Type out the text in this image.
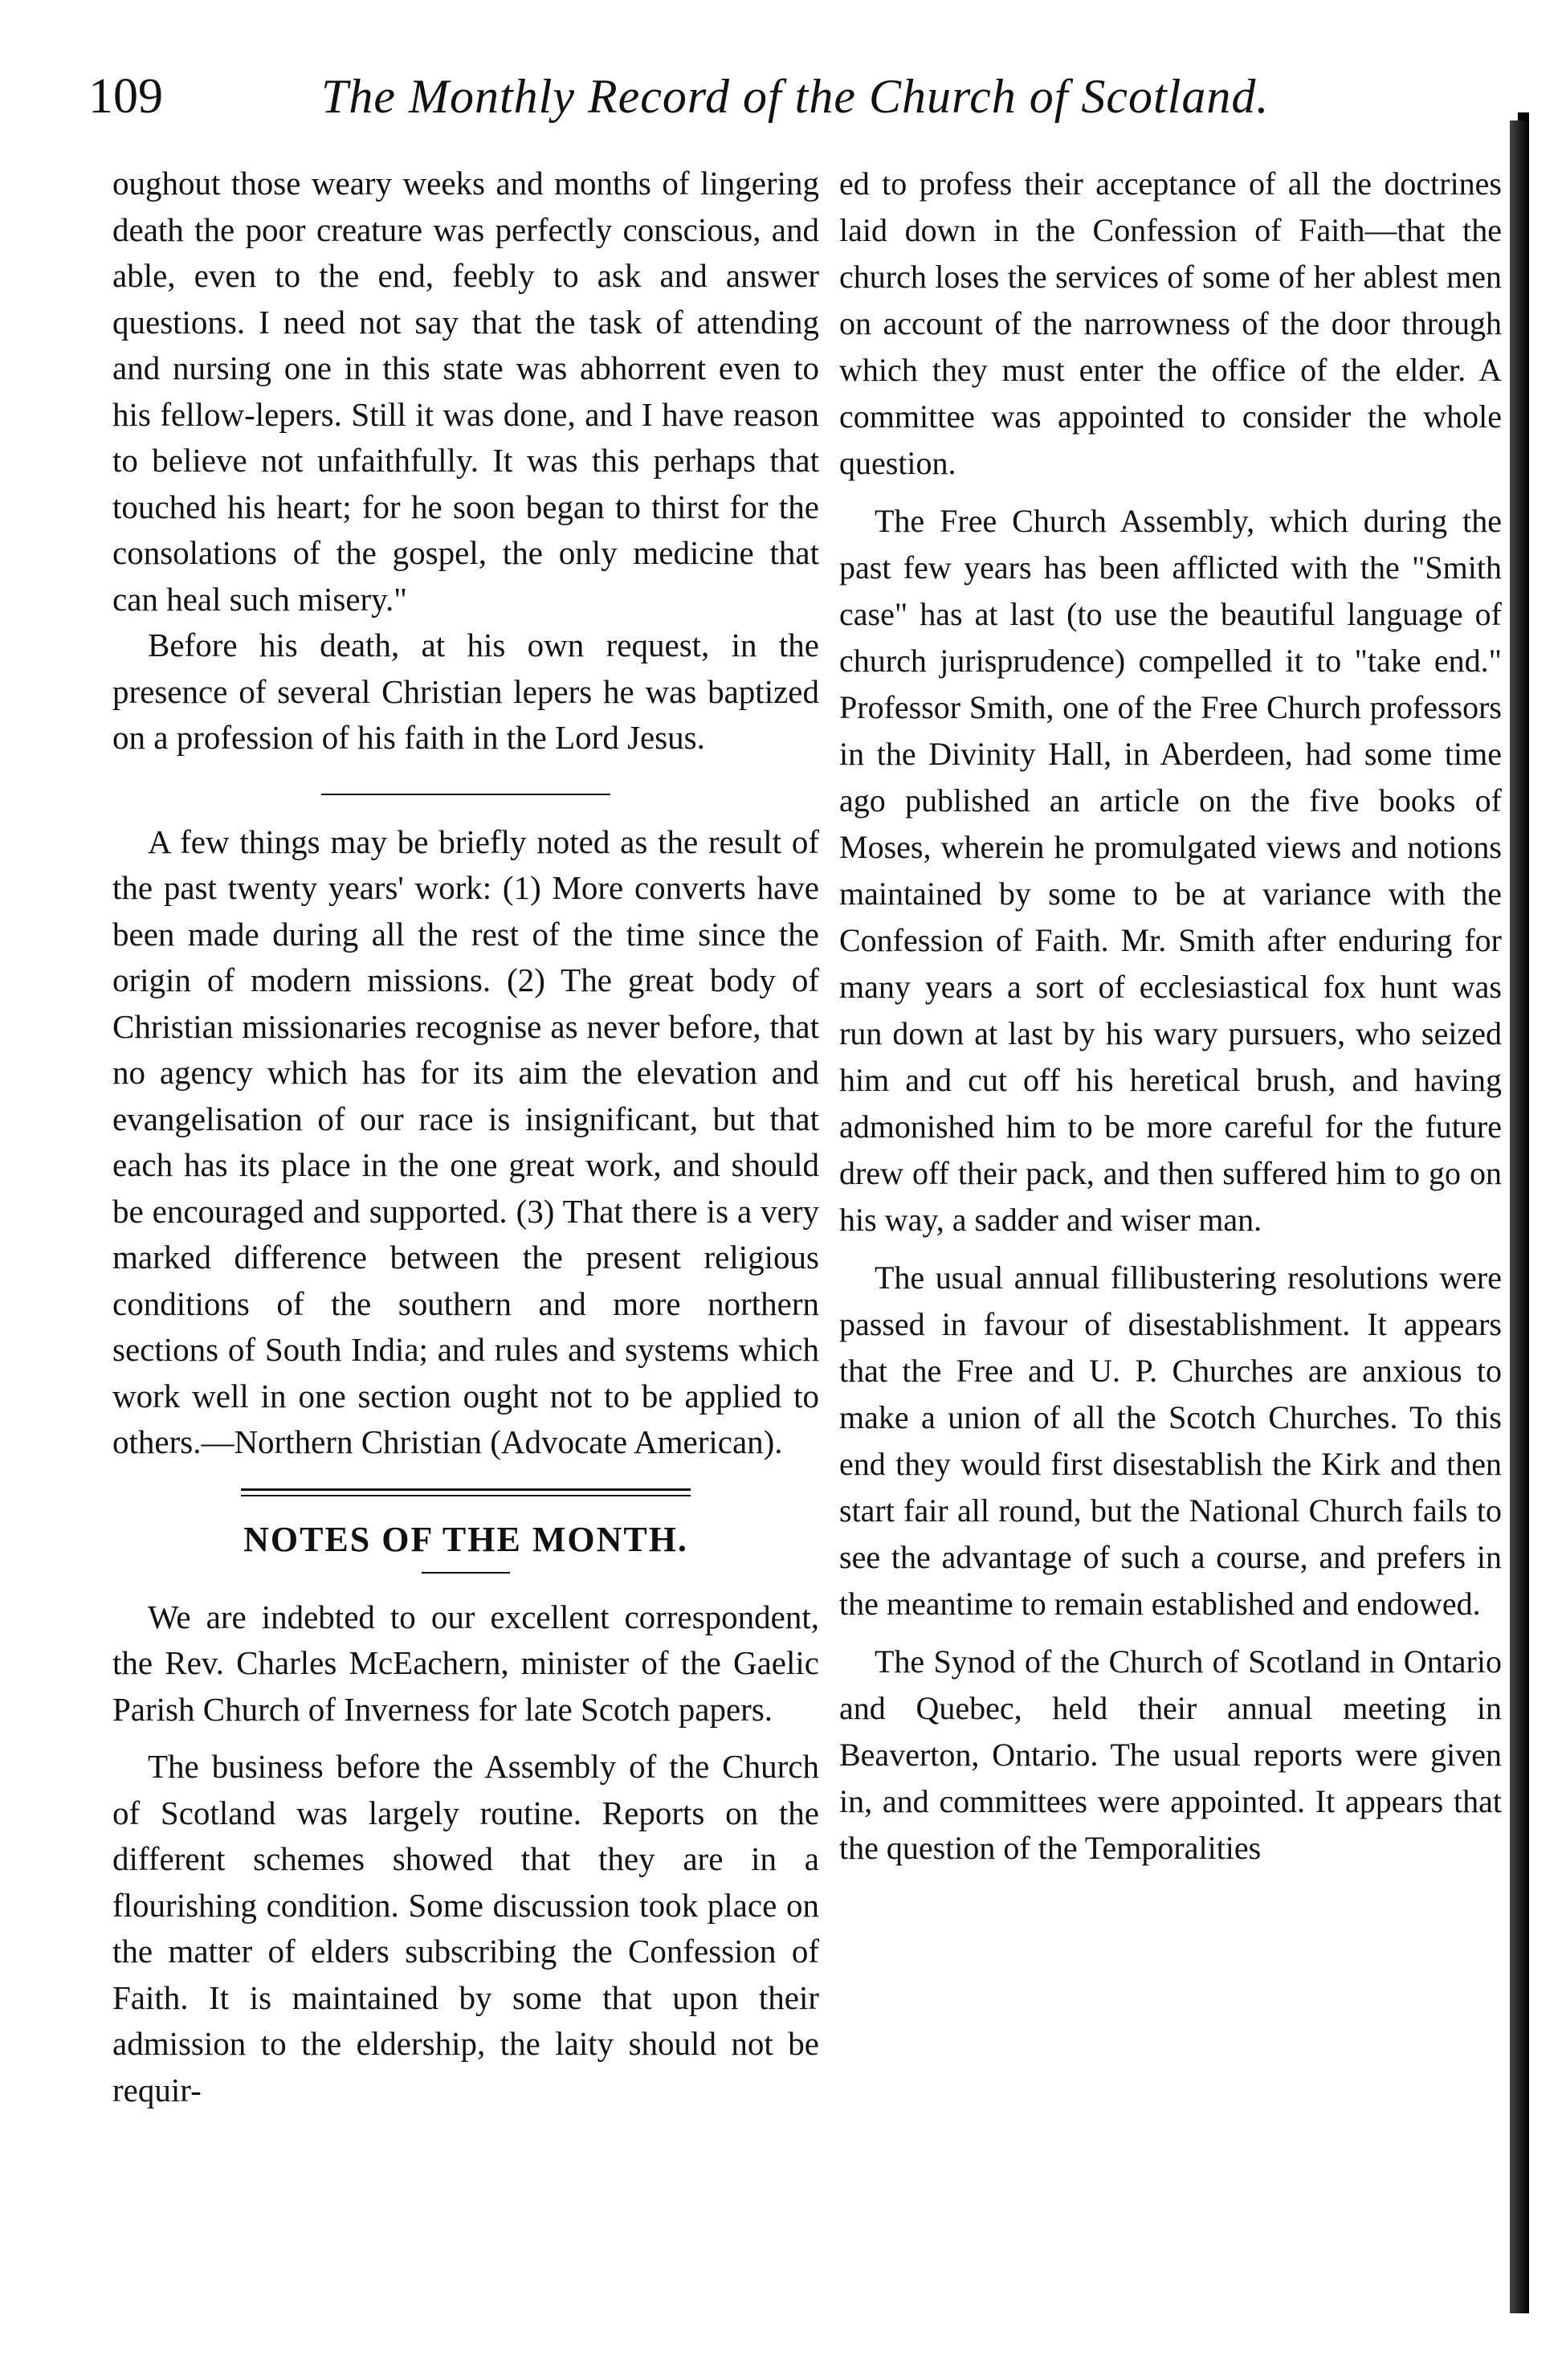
109	The Monthly Record of the Church of Scotland.

oughout those weary weeks and months of lingering death the poor creature was perfectly conscious, and able, even to the end, feebly to ask and answer questions. I need not say that the task of attending and nursing one in this state was abhorrent even to his fellow-lepers. Still it was done, and I have reason to believe not unfaithfully. It was this perhaps that touched his heart; for he soon began to thirst for the consolations of the gospel, the only medicine that can heal such misery."

Before his death, at his own request, in the presence of several Christian lepers he was baptized on a profession of his faith in the Lord Jesus.

A few things may be briefly noted as the result of the past twenty years' work: (1) More converts have been made during all the rest of the time since the origin of modern missions. (2) The great body of Christian missionaries recognise as never before, that no agency which has for its aim the elevation and evangelisation of our race is insignificant, but that each has its place in the one great work, and should be encouraged and supported. (3) That there is a very marked difference between the present religious conditions of the southern and more northern sections of South India; and rules and systems which work well in one section ought not to be applied to others.—Northern Christian (Advocate American).

NOTES OF THE MONTH.

We are indebted to our excellent correspondent, the Rev. Charles McEachern, minister of the Gaelic Parish Church of Inverness for late Scotch papers.

The business before the Assembly of the Church of Scotland was largely routine. Reports on the different schemes showed that they are in a flourishing condition. Some discussion took place on the matter of elders subscribing the Confession of Faith. It is maintained by some that upon their admission to the eldership, the laity should not be requir-

ed to profess their acceptance of all the doctrines laid down in the Confession of Faith—that the church loses the services of some of her ablest men on account of the narrowness of the door through which they must enter the office of the elder. A committee was appointed to consider the whole question.

The Free Church Assembly, which during the past few years has been afflicted with the "Smith case" has at last (to use the beautiful language of church jurisprudence) compelled it to "take end." Professor Smith, one of the Free Church professors in the Divinity Hall, in Aberdeen, had some time ago published an article on the five books of Moses, wherein he promulgated views and notions maintained by some to be at variance with the Confession of Faith. Mr. Smith after enduring for many years a sort of ecclesiastical fox hunt was run down at last by his wary pursuers, who seized him and cut off his heretical brush, and having admonished him to be more careful for the future drew off their pack, and then suffered him to go on his way, a sadder and wiser man.

The usual annual fillibustering resolutions were passed in favour of disestablishment. It appears that the Free and U. P. Churches are anxious to make a union of all the Scotch Churches. To this end they would first disestablish the Kirk and then start fair all round, but the National Church fails to see the advantage of such a course, and prefers in the meantime to remain established and endowed.

The Synod of the Church of Scotland in Ontario and Quebec, held their annual meeting in Beaverton, Ontario. The usual reports were given in, and committees were appointed. It appears that the question of the Temporalities
